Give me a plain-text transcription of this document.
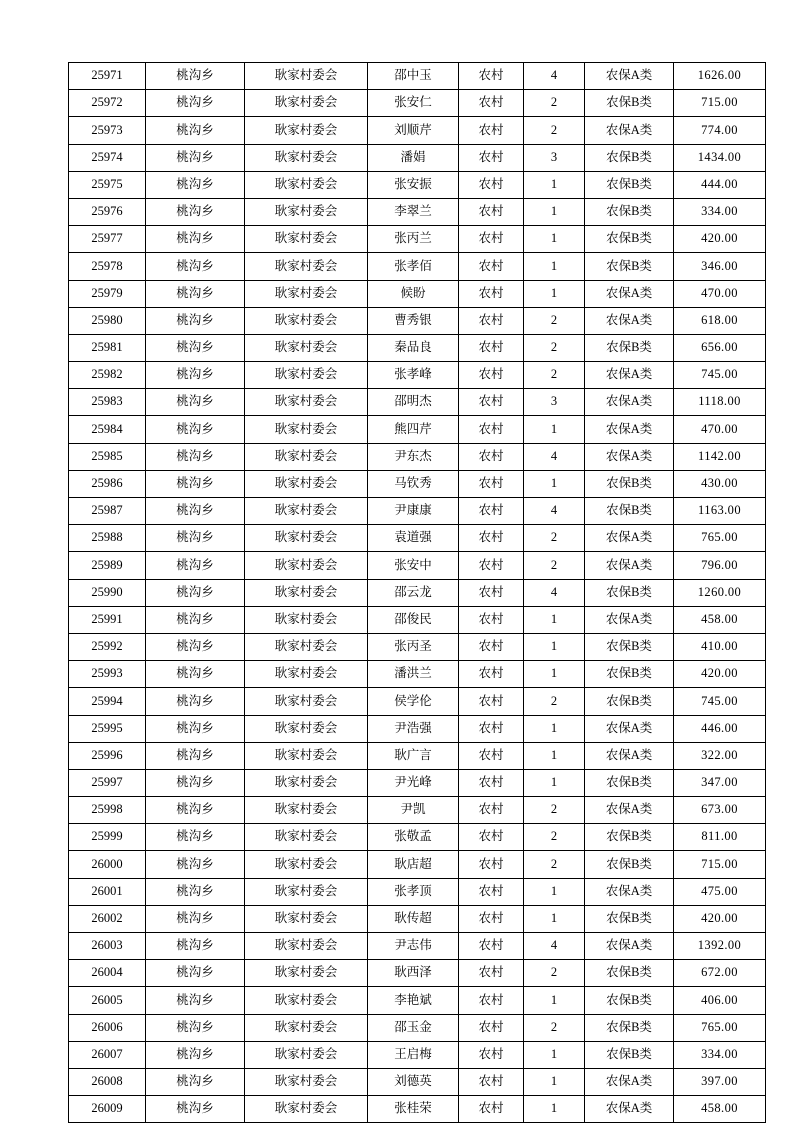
25971	桃沟乡	耿家村委会	邵中玉	农村	4	农保A类	1626.00
25972	桃沟乡	耿家村委会	张安仁	农村	2	农保B类	715.00
25973	桃沟乡	耿家村委会	刘顺芹	农村	2	农保A类	774.00
25974	桃沟乡	耿家村委会	潘娟	农村	3	农保B类	1434.00
25975	桃沟乡	耿家村委会	张安振	农村	1	农保B类	444.00
25976	桃沟乡	耿家村委会	李翠兰	农村	1	农保B类	334.00
25977	桃沟乡	耿家村委会	张丙兰	农村	1	农保B类	420.00
25978	桃沟乡	耿家村委会	张孝佰	农村	1	农保B类	346.00
25979	桃沟乡	耿家村委会	候盼	农村	1	农保A类	470.00
25980	桃沟乡	耿家村委会	曹秀银	农村	2	农保A类	618.00
25981	桃沟乡	耿家村委会	秦品良	农村	2	农保B类	656.00
25982	桃沟乡	耿家村委会	张孝峰	农村	2	农保A类	745.00
25983	桃沟乡	耿家村委会	邵明杰	农村	3	农保A类	1118.00
25984	桃沟乡	耿家村委会	熊四芹	农村	1	农保A类	470.00
25985	桃沟乡	耿家村委会	尹东杰	农村	4	农保A类	1142.00
25986	桃沟乡	耿家村委会	马钦秀	农村	1	农保B类	430.00
25987	桃沟乡	耿家村委会	尹康康	农村	4	农保B类	1163.00
25988	桃沟乡	耿家村委会	袁道强	农村	2	农保A类	765.00
25989	桃沟乡	耿家村委会	张安中	农村	2	农保A类	796.00
25990	桃沟乡	耿家村委会	邵云龙	农村	4	农保B类	1260.00
25991	桃沟乡	耿家村委会	邵俊民	农村	1	农保A类	458.00
25992	桃沟乡	耿家村委会	张丙圣	农村	1	农保B类	410.00
25993	桃沟乡	耿家村委会	潘洪兰	农村	1	农保B类	420.00
25994	桃沟乡	耿家村委会	侯学伦	农村	2	农保B类	745.00
25995	桃沟乡	耿家村委会	尹浩强	农村	1	农保A类	446.00
25996	桃沟乡	耿家村委会	耿广言	农村	1	农保A类	322.00
25997	桃沟乡	耿家村委会	尹光峰	农村	1	农保B类	347.00
25998	桃沟乡	耿家村委会	尹凯	农村	2	农保A类	673.00
25999	桃沟乡	耿家村委会	张敬孟	农村	2	农保B类	811.00
26000	桃沟乡	耿家村委会	耿店超	农村	2	农保B类	715.00
26001	桃沟乡	耿家村委会	张孝顶	农村	1	农保A类	475.00
26002	桃沟乡	耿家村委会	耿传超	农村	1	农保B类	420.00
26003	桃沟乡	耿家村委会	尹志伟	农村	4	农保A类	1392.00
26004	桃沟乡	耿家村委会	耿西泽	农村	2	农保B类	672.00
26005	桃沟乡	耿家村委会	李艳斌	农村	1	农保B类	406.00
26006	桃沟乡	耿家村委会	邵玉金	农村	2	农保B类	765.00
26007	桃沟乡	耿家村委会	王启梅	农村	1	农保B类	334.00
26008	桃沟乡	耿家村委会	刘德英	农村	1	农保A类	397.00
26009	桃沟乡	耿家村委会	张桂荣	农村	1	农保A类	458.00
